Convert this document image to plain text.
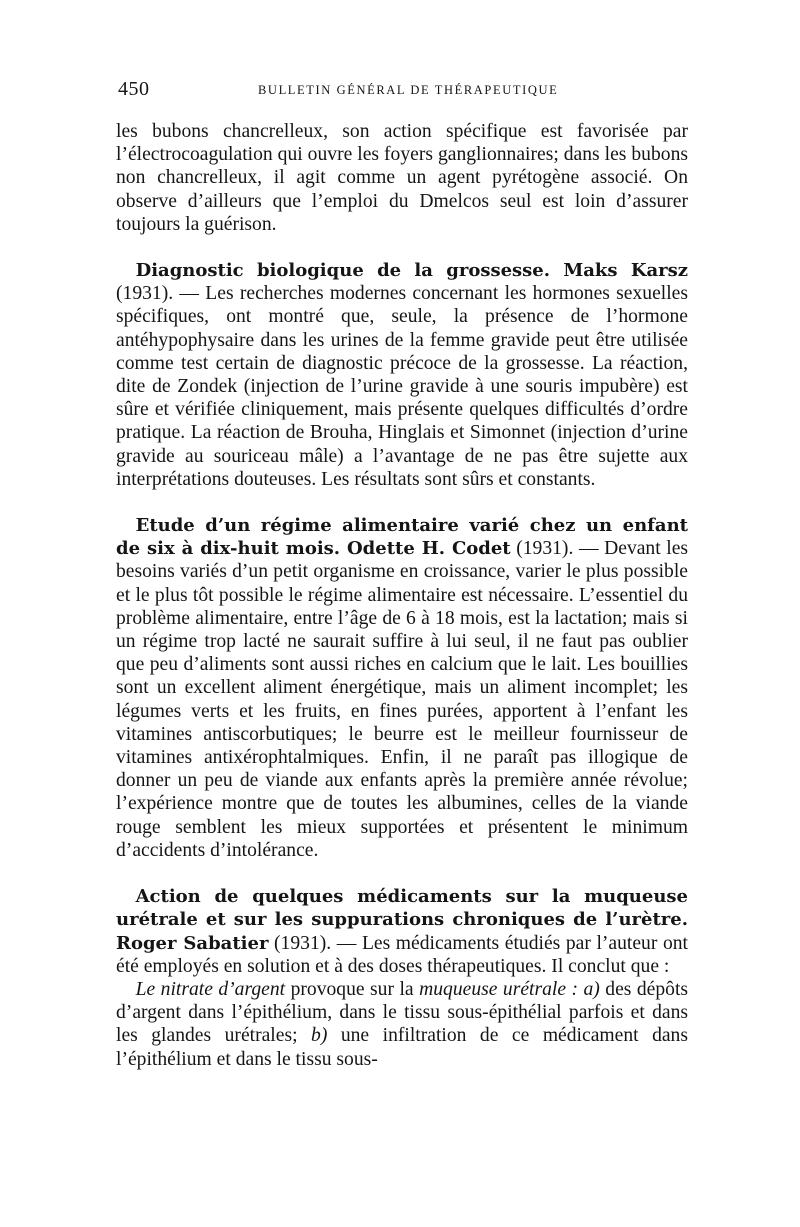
450	BULLETIN GÉNÉRAL DE THÉRAPEUTIQUE

les bubons chancrelleux, son action spécifique est favorisée par l’électrocoagulation qui ouvre les foyers ganglionnaires; dans les bubons non chancrelleux, il agit comme un agent pyrétogène associé. On observe d’ailleurs que l’emploi du Dmelcos seul est loin d’assurer toujours la guérison.

 Diagnostic biologique de la grossesse. Maks Karsz (1931). — Les recherches modernes concernant les hormones sexuelles spécifiques, ont montré que, seule, la présence de l’hormone antéhypophysaire dans les urines de la femme gravide peut être utilisée comme test certain de diagnostic précoce de la grossesse. La réaction, dite de Zondek (injection de l’urine gravide à une souris impubère) est sûre et vérifiée cliniquement, mais présente quelques difficultés d’ordre pratique. La réaction de Brouha, Hinglais et Simonnet (injection d’urine gravide au souriceau mâle) a l’avantage de ne pas être sujette aux interprétations douteuses. Les résultats sont sûrs et constants.

 Etude d’un régime alimentaire varié chez un enfant de six à dix-huit mois. Odette H. Codet (1931). — Devant les besoins variés d’un petit organisme en croissance, varier le plus possible et le plus tôt possible le régime alimentaire est nécessaire. L’essentiel du problème alimentaire, entre l’âge de 6 à 18 mois, est la lactation; mais si un régime trop lacté ne saurait suffire à lui seul, il ne faut pas oublier que peu d’aliments sont aussi riches en calcium que le lait. Les bouillies sont un excellent aliment énergétique, mais un aliment incomplet; les légumes verts et les fruits, en fines purées, apportent à l’enfant les vitamines antiscorbutiques; le beurre est le meilleur fournisseur de vitamines antixérophtalmiques. Enfin, il ne paraît pas illogique de donner un peu de viande aux enfants après la première année révolue; l’expérience montre que de toutes les albumines, celles de la viande rouge semblent les mieux supportées et présentent le minimum d’accidents d’intolérance.

 Action de quelques médicaments sur la muqueuse urétrale et sur les suppurations chroniques de l’urètre. Roger Sabatier (1931). — Les médicaments étudiés par l’auteur ont été employés en solution et à des doses thérapeutiques. Il conclut que :

 Le nitrate d’argent provoque sur la muqueuse urétrale : a) des dépôts d’argent dans l’épithélium, dans le tissu sous-épithélial parfois et dans les glandes urétrales; b) une infiltration de ce médicament dans l’épithélium et dans le tissu sous-
